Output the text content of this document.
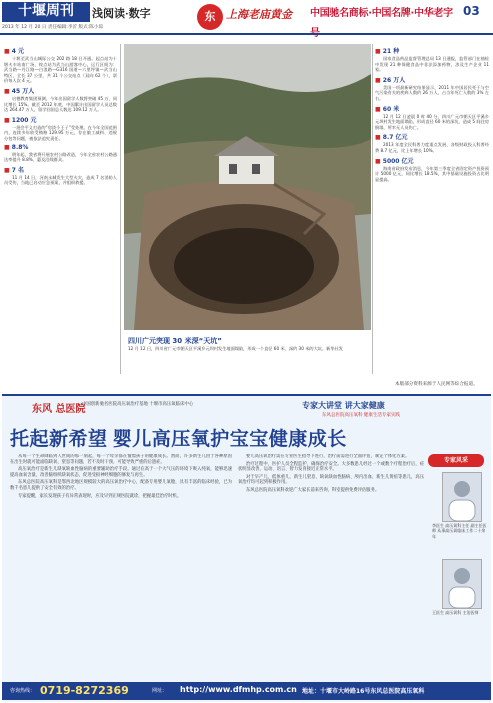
十堰周刊	浅阅读·数字
2013 年 12 月 20 日 责任编辑:李沂 版式:陈小琼
东 上海老庙黄金 中国驰名商标·中国名牌·中华老字 03
■ 4 元
十堰至武当山城际公交 202 路 18 日开通。起点站为十堰火车站南广场，终点站为武当山游客中心，运行区间为：武当路—丹江路—白浪路—G316 国道—六里坪镇—武当山特区，全长 37 公里，共 31 个公交站点（双向 62 个），票价每人次 4 元。
■ 45 万人
启德教育集团预测，今年出国留学人数将突破 45 万，同比增长 15%。截至 2012 年底，中国累计出国留学人员总数达 264.47 万人，留学回国总人数达 109.12 万人。
■ 1200 元
一批会平义打造的“房淡小王子”受处理。在今年全国范围内，连续多年收受贿赂 129.95 万元，存在偷工减料、违规分包等问题，被依法追究责任。
■ 8.8%
明年起，我省将开展农村公路改造，今年全省农村公路通达率提升 8.8%，惠及沿线群众。
■ 7 名
11 月 14 日，河南永城发生大型火灾，造成 7 名消防人员受伤，当地已启动应急预案，并组织救援。
四川广元突现 30 米深“天坑”
12 月 12 日，四川省广元市朝天区平溪乡元坝村发生地面塌陷，形成一个直径 60 米、深约 30 米的大坑。新华社发
■ 21 种
国家食品药品监督管理总局 13 日通报，监管部门在抽检中发现 21 种保健食品中非法添加药物，涉及生产企业 11 家。
■ 26 万人
美国一项最新研究结果显示，2011 年中国居民死于与空气污染有关的疾病人数约 26 万人，占当年死亡人数的 3% 左右。
■ 60 米
12 月 12 日凌晨 0 时 40 分，四川广元市朝天区平溪乡元坝村发生地面塌陷，形成直径 60 米的深坑，造成 5 间住房倒塌，所幸无人员伤亡。
■ 8.7 亿元
2013 年度全民科普力度重点发展，各级财政投入科普经费 8.7 亿元，比上年增长 10%。
■ 5000 亿元
海南省政府发布消息，今年第三季度全省固定资产投资预计 5000 亿元，同比增长 18.5%，其中基础设施投资占比明显提高。
本版部分资料来源于人民网等综合报道。
东风 总医院
中国创新驰名医院高压氧治疗基地 十堰市高压氧临床中心	专家大讲堂 讲大家健康
东风总医院高压氧科 健康生活专家实践
托起新希望 婴儿高压氧护宝宝健康成长

从每一个生命降临到人世间的那一刻起，每一个母亲都在憧憬孩子的健康成长。然而，许多新生儿由于各种原因在出生时就可能面临缺氧、窒息等问题，若不及时干预，可能导致严重的后遗症。

高压氧治疗是新生儿缺氧缺血性脑病的重要辅助治疗手段。通过在高于一个大气压的环境下吸入纯氧，能够迅速提高血氧含量，改善脑组织缺氧状态，促进受损神经细胞的修复与再生。

东风总医院高压氧科是鄂西北地区规模较大的高压氧治疗中心，配备专用婴儿氧舱，具有丰富的临床经验，已为数千名患儿提供了安全有效的治疗。

专家提醒，家长发现孩子有异常表现时，应及早到正规医院就诊，把握最佳治疗时机。

婴儿高压氧治疗需在专业医生指导下进行，治疗前需进行全面评估，制定个体化方案。

治疗过程中，医护人员全程监护，确保治疗安全。大多数患儿经过一个或数个疗程治疗后，症状明显改善，运动、语言、智力发育接近正常水平。

对于早产儿、低体重儿、新生儿窒息、缺氧缺血性脑病、颅内出血、新生儿黄疸等患儿，高压氧治疗均可起到积极作用。

东风总医院高压氧科欢迎广大家长前来咨询，科室提供免费评估服务。

专家风采
李医生 高压氧科主任 副主任医师 从事高压氧临床工作二十余年
王医生 高压氧科 主治医师
咨询热线： 0719-8272369	网址： http://www.dfmhp.com.cn 地址：十堰市大岭路16号东风总医院高压氧科
